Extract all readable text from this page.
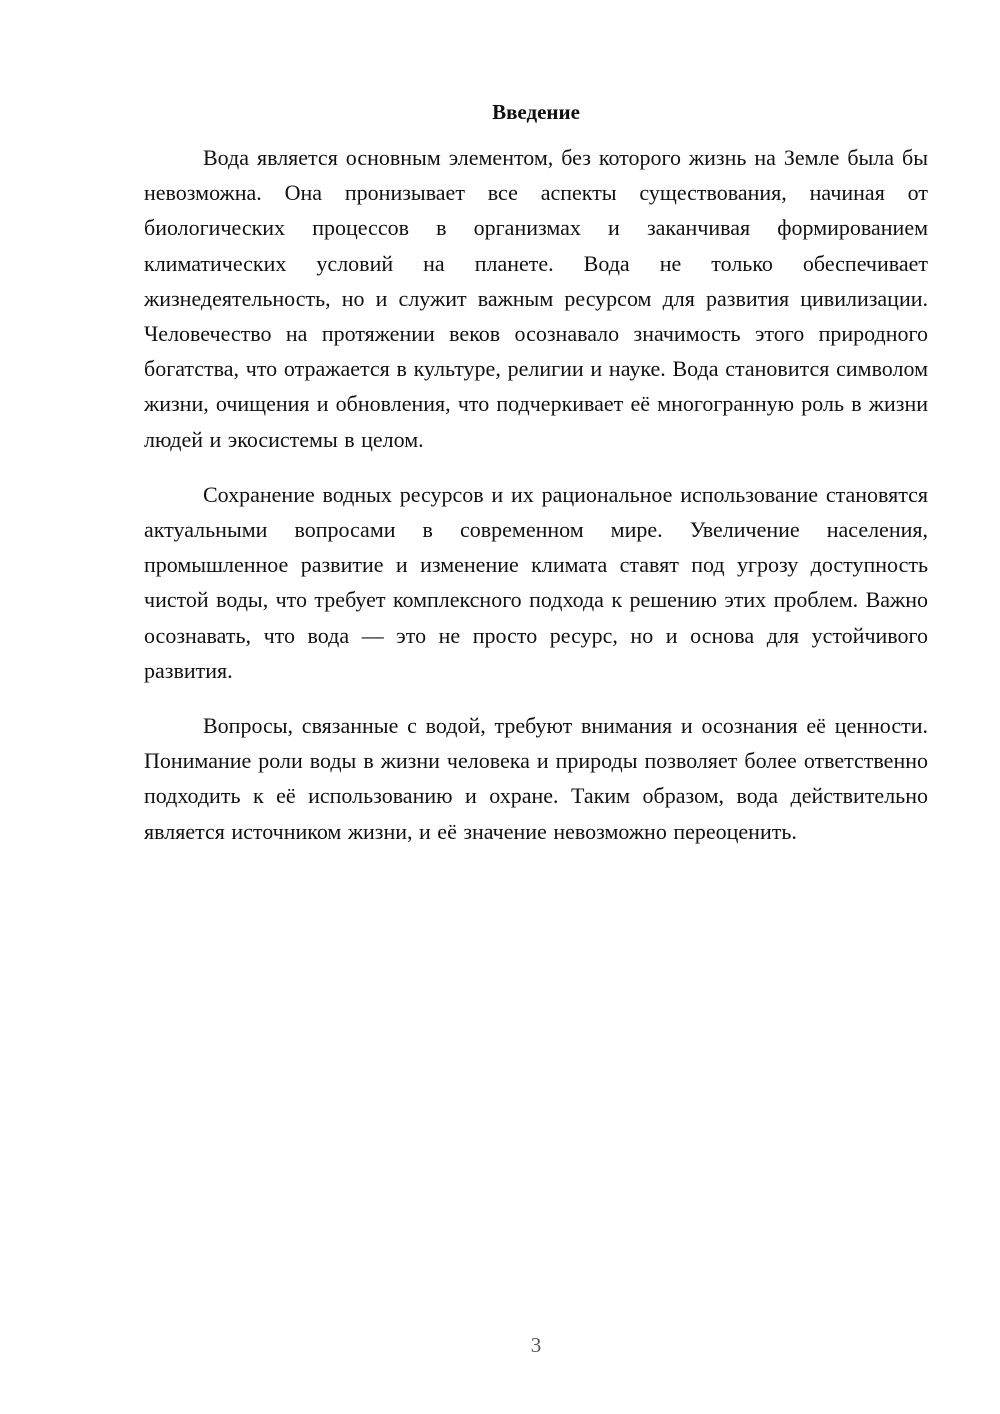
Введение

Вода является основным элементом, без которого жизнь на Земле была бы невозможна. Она пронизывает все аспекты существования, начиная от биологических процессов в организмах и заканчивая формированием климатических условий на планете. Вода не только обеспечивает жизнедеятельность, но и служит важным ресурсом для развития цивилизации. Человечество на протяжении веков осознавало значимость этого природного богатства, что отражается в культуре, религии и науке. Вода становится символом жизни, очищения и обновления, что подчеркивает её многогранную роль в жизни людей и экосистемы в целом.

Сохранение водных ресурсов и их рациональное использование становятся актуальными вопросами в современном мире. Увеличение населения, промышленное развитие и изменение климата ставят под угрозу доступность чистой воды, что требует комплексного подхода к решению этих проблем. Важно осознавать, что вода — это не просто ресурс, но и основа для устойчивого развития.

Вопросы, связанные с водой, требуют внимания и осознания её ценности. Понимание роли воды в жизни человека и природы позволяет более ответственно подходить к её использованию и охране. Таким образом, вода действительно является источником жизни, и её значение невозможно переоценить.

3
